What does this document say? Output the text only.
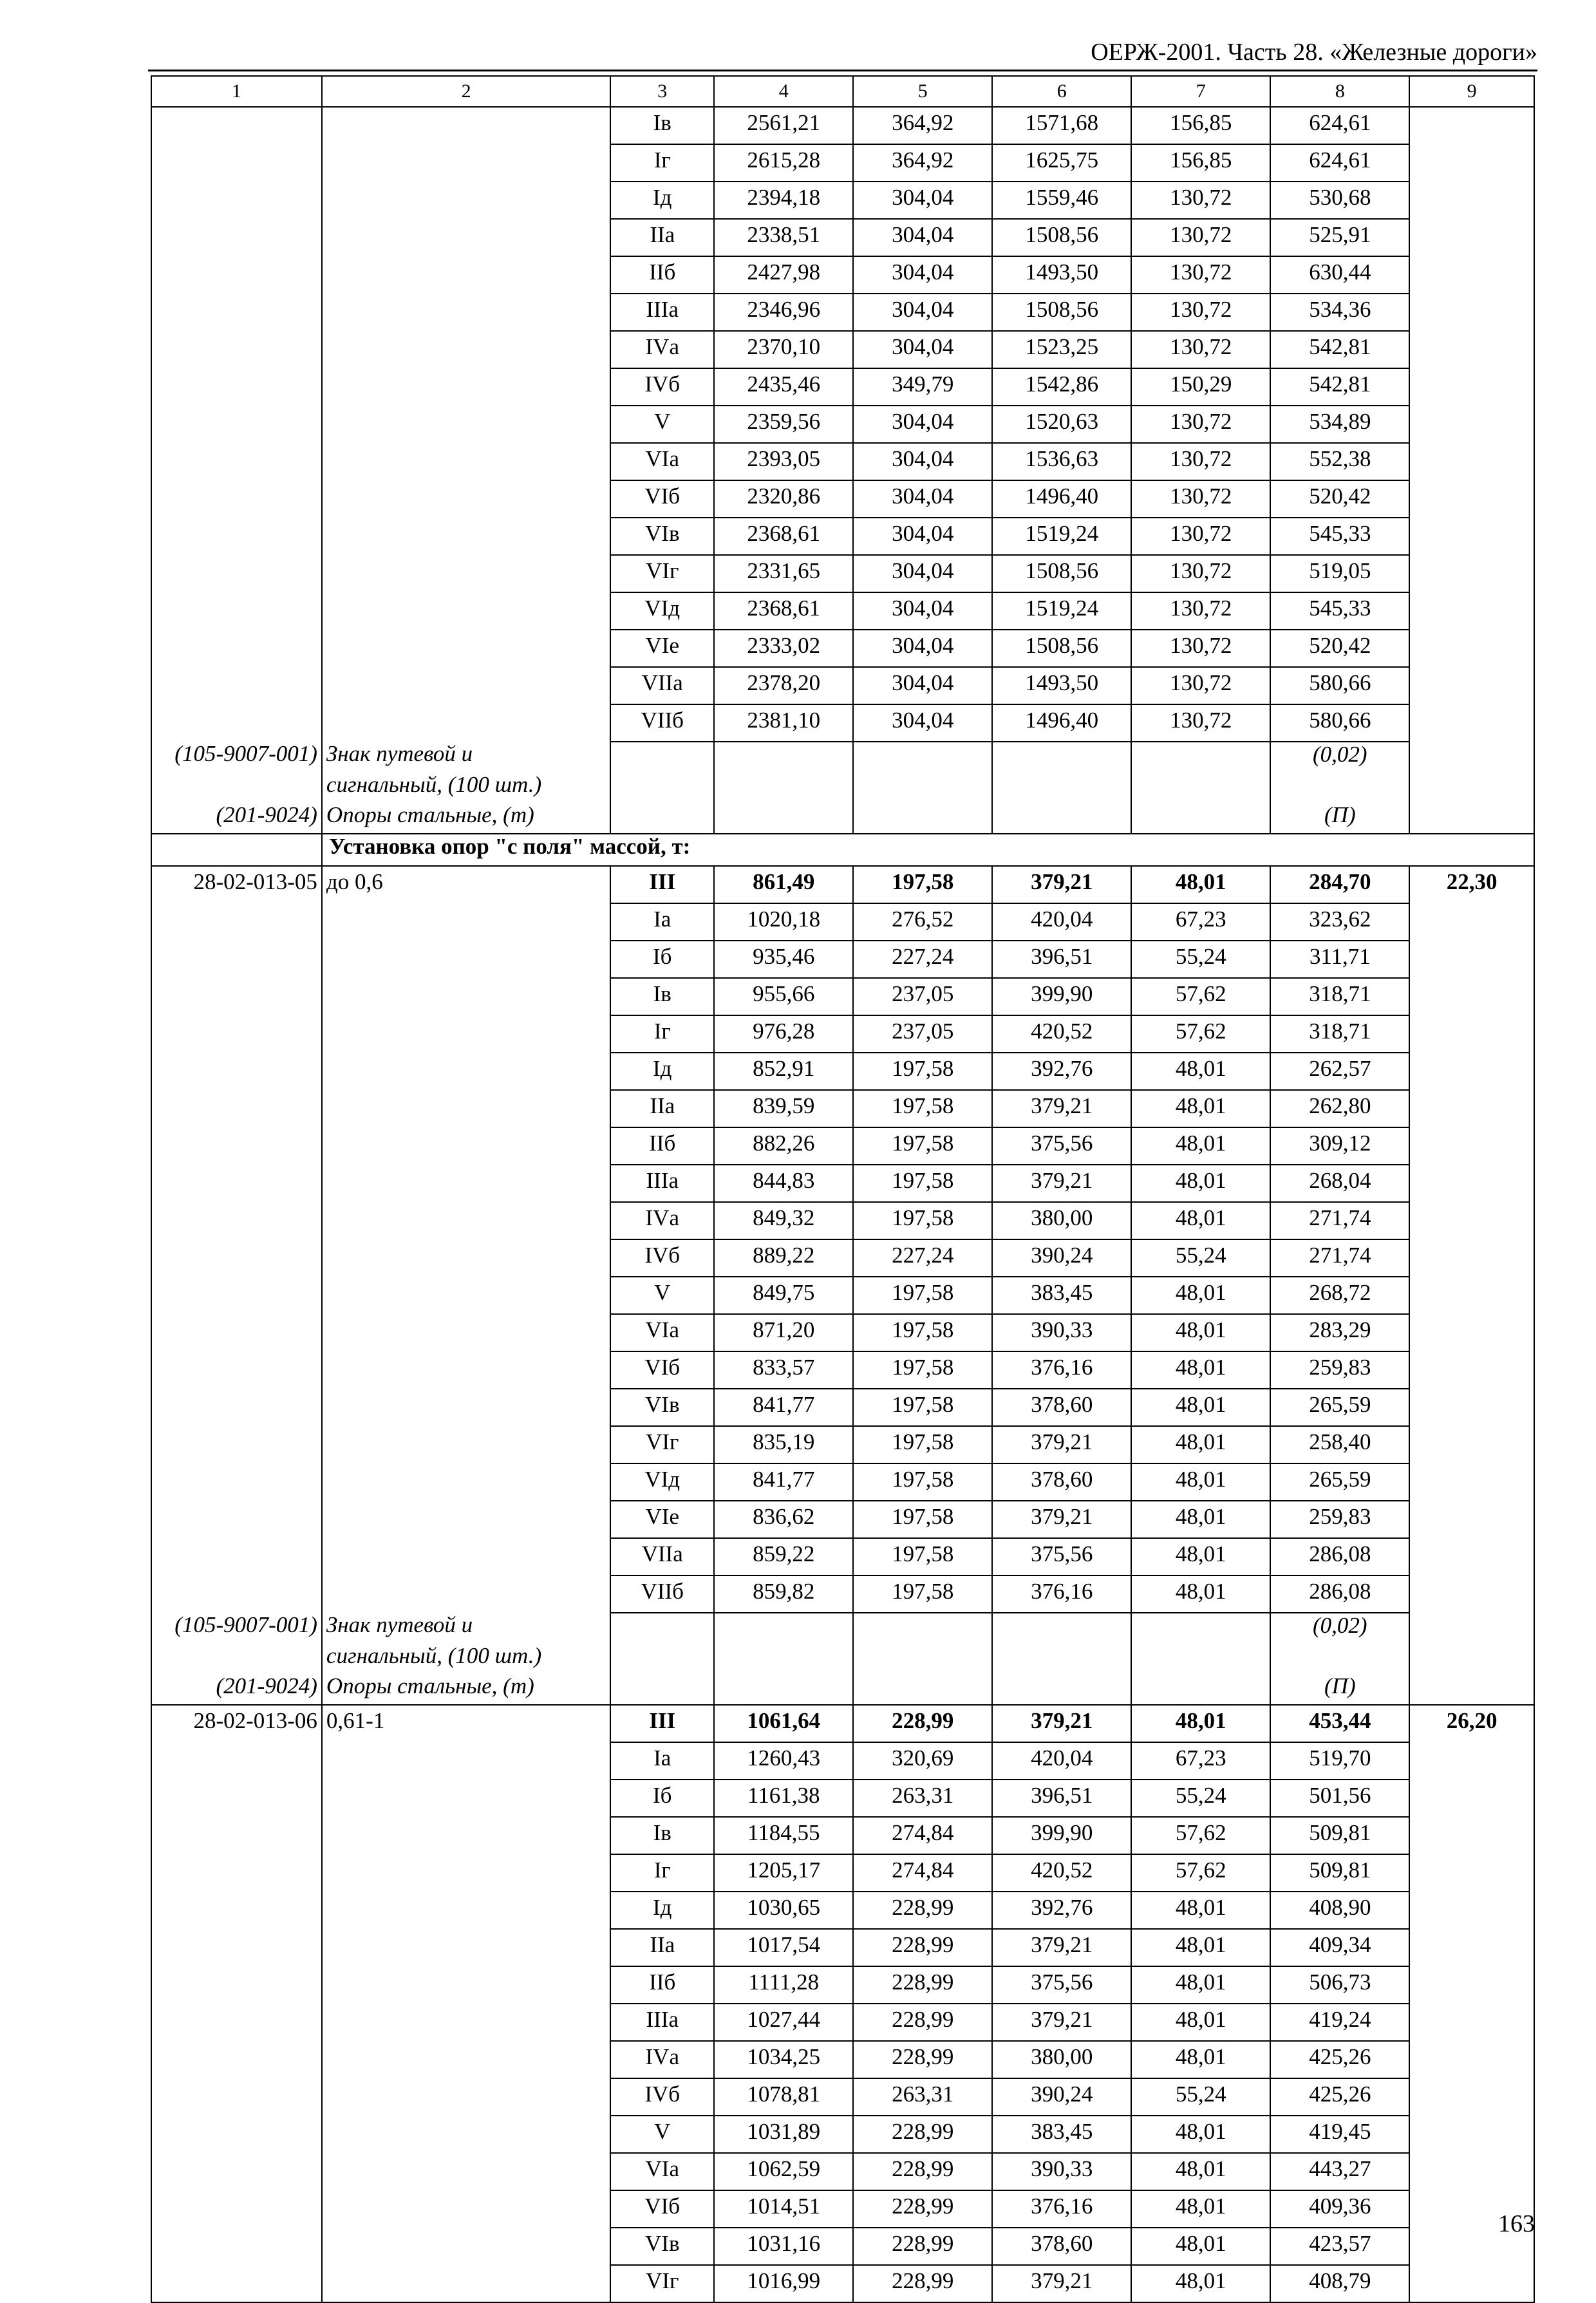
ОЕРЖ-2001. Часть 28. «Железные дороги»
1	2	3	4	5	6	7	8	9
		Iв	2561,21	364,92	1571,68	156,85	624,61	
		Iг	2615,28	364,92	1625,75	156,85	624,61	
		Iд	2394,18	304,04	1559,46	130,72	530,68	
		IIа	2338,51	304,04	1508,56	130,72	525,91	
		IIб	2427,98	304,04	1493,50	130,72	630,44	
		IIIа	2346,96	304,04	1508,56	130,72	534,36	
		IVа	2370,10	304,04	1523,25	130,72	542,81	
		IVб	2435,46	349,79	1542,86	150,29	542,81	
		V	2359,56	304,04	1520,63	130,72	534,89	
		VIа	2393,05	304,04	1536,63	130,72	552,38	
		VIб	2320,86	304,04	1496,40	130,72	520,42	
		VIв	2368,61	304,04	1519,24	130,72	545,33	
		VIг	2331,65	304,04	1508,56	130,72	519,05	
		VIд	2368,61	304,04	1519,24	130,72	545,33	
		VIе	2333,02	304,04	1508,56	130,72	520,42	
		VIIа	2378,20	304,04	1493,50	130,72	580,66	
		VIIб	2381,10	304,04	1496,40	130,72	580,66	
(105-9007-001)	Знак путевой и						(0,02)	
	сигнальный, (100 шт.)							
(201-9024)	Опоры стальные, (т)						(П)	
	Установка опор "с поля" массой, т:							
28-02-013-05	до 0,6	III	861,49	197,58	379,21	48,01	284,70	22,30
		Iа	1020,18	276,52	420,04	67,23	323,62	
		Iб	935,46	227,24	396,51	55,24	311,71	
		Iв	955,66	237,05	399,90	57,62	318,71	
		Iг	976,28	237,05	420,52	57,62	318,71	
		Iд	852,91	197,58	392,76	48,01	262,57	
		IIа	839,59	197,58	379,21	48,01	262,80	
		IIб	882,26	197,58	375,56	48,01	309,12	
		IIIа	844,83	197,58	379,21	48,01	268,04	
		IVа	849,32	197,58	380,00	48,01	271,74	
		IVб	889,22	227,24	390,24	55,24	271,74	
		V	849,75	197,58	383,45	48,01	268,72	
		VIа	871,20	197,58	390,33	48,01	283,29	
		VIб	833,57	197,58	376,16	48,01	259,83	
		VIв	841,77	197,58	378,60	48,01	265,59	
		VIг	835,19	197,58	379,21	48,01	258,40	
		VIд	841,77	197,58	378,60	48,01	265,59	
		VIе	836,62	197,58	379,21	48,01	259,83	
		VIIа	859,22	197,58	375,56	48,01	286,08	
		VIIб	859,82	197,58	376,16	48,01	286,08	
(105-9007-001)	Знак путевой и						(0,02)	
	сигнальный, (100 шт.)							
(201-9024)	Опоры стальные, (т)						(П)	
28-02-013-06	0,61-1	III	1061,64	228,99	379,21	48,01	453,44	26,20
		Iа	1260,43	320,69	420,04	67,23	519,70	
		Iб	1161,38	263,31	396,51	55,24	501,56	
		Iв	1184,55	274,84	399,90	57,62	509,81	
		Iг	1205,17	274,84	420,52	57,62	509,81	
		Iд	1030,65	228,99	392,76	48,01	408,90	
		IIа	1017,54	228,99	379,21	48,01	409,34	
		IIб	1111,28	228,99	375,56	48,01	506,73	
		IIIа	1027,44	228,99	379,21	48,01	419,24	
		IVа	1034,25	228,99	380,00	48,01	425,26	
		IVб	1078,81	263,31	390,24	55,24	425,26	
		V	1031,89	228,99	383,45	48,01	419,45	
		VIа	1062,59	228,99	390,33	48,01	443,27	
		VIб	1014,51	228,99	376,16	48,01	409,36	
		VIв	1031,16	228,99	378,60	48,01	423,57	
		VIг	1016,99	228,99	379,21	48,01	408,79	
163
